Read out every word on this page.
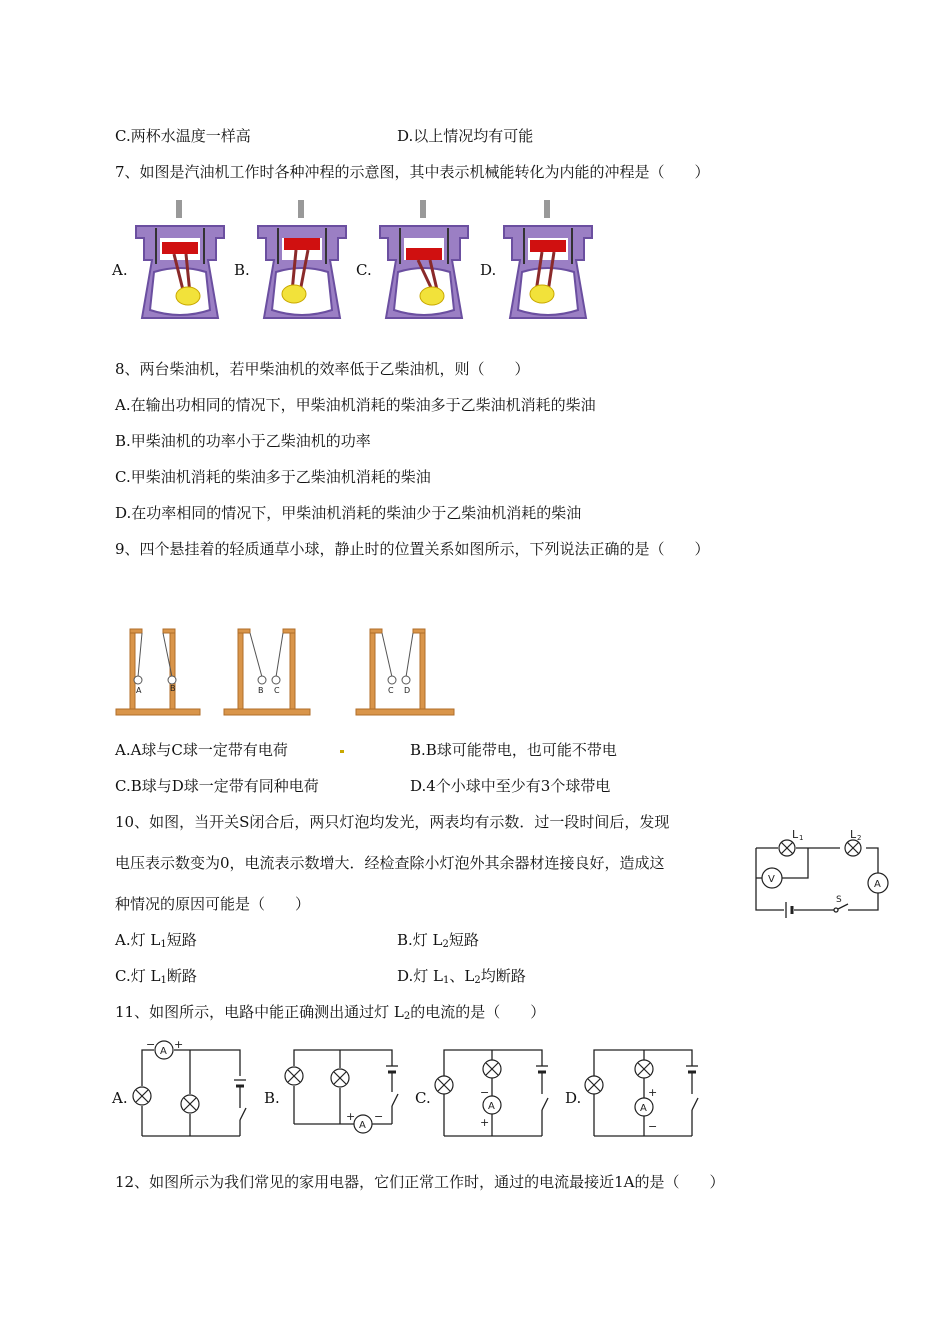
C.两杯水温度一样高	D.以上情况均有可能
7、如图是汽油机工作时各种冲程的示意图，其中表示机械能转化为内能的冲程是（　　）
A.	B.	C.	D.
8、两台柴油机，若甲柴油机的效率低于乙柴油机，则（　　）
A.在输出功相同的情况下，甲柴油机消耗的柴油多于乙柴油机消耗的柴油
B.甲柴油机的功率小于乙柴油机的功率
C.甲柴油机消耗的柴油多于乙柴油机消耗的柴油
D.在功率相同的情况下，甲柴油机消耗的柴油少于乙柴油机消耗的柴油
9、四个悬挂着的轻质通草小球，静止时的位置关系如图所示，下列说法正确的是（　　）
A	B	B C	C D
A.A球与C球一定带有电荷	B.B球可能带电，也可能不带电
C.B球与D球一定带有同种电荷	D.4个小球中至少有3个球带电
10、如图，当开关S闭合后，两只灯泡均发光，两表均有示数．过一段时间后，发现
电压表示数变为0，电流表示数增大．经检查除小灯泡外其余器材连接良好，造成这
种情况的原因可能是（　　）
V	A
L 1	L 2
S
A.灯 $L_1$短路	B.灯 $L_2$短路
C.灯 $L_1$断路	D.灯 $L_1$、$L_2$均断路
11、如图所示，电路中能正确测出通过灯 $L_2$的电流的是（　　）
A.	B.	C.	D.
A
− +
A
+ −
A
−
+
A
+
−
12、如图所示为我们常见的家用电器，它们正常工作时，通过的电流最接近1A的是（　　）
